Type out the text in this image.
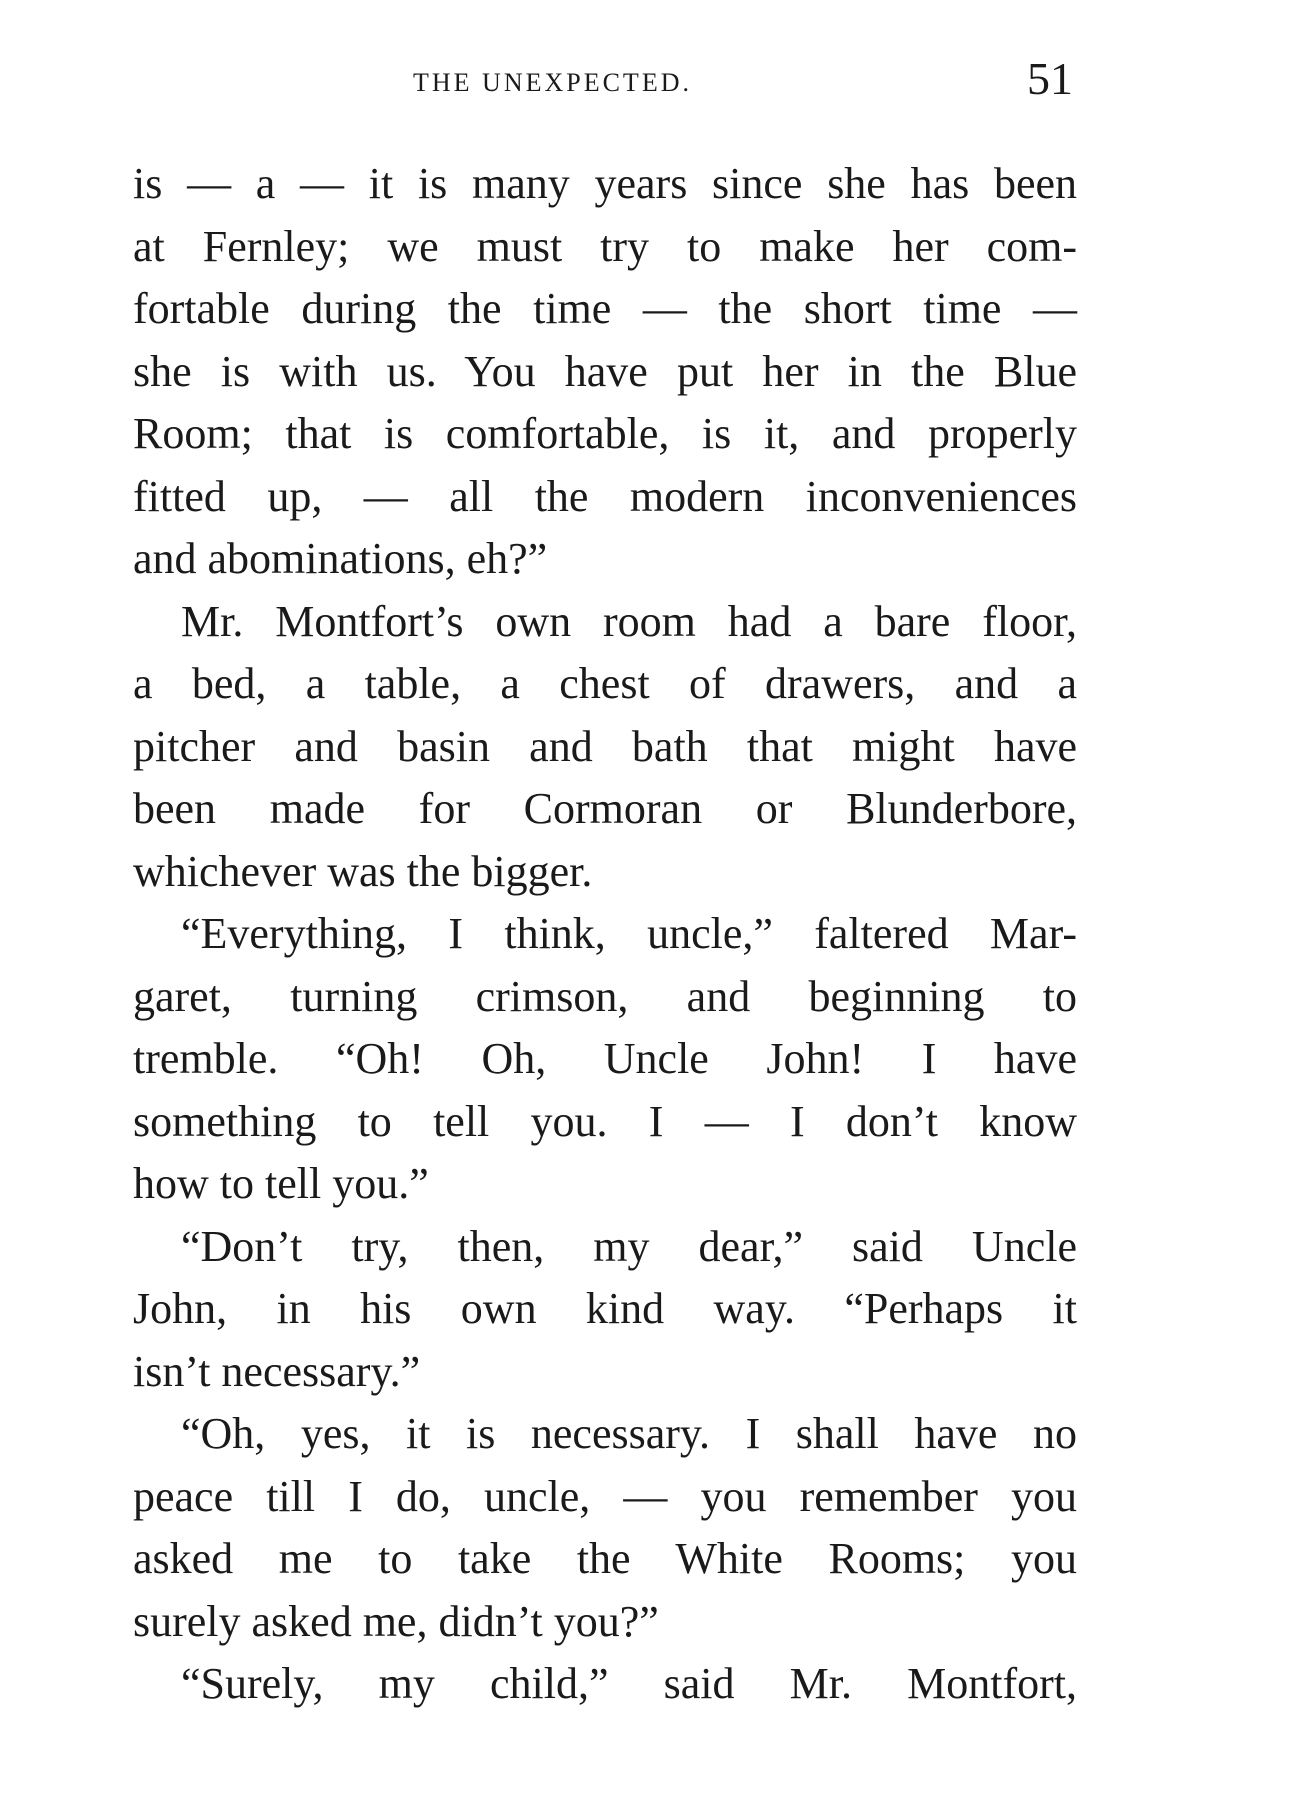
THE UNEXPECTED.	51
is — a — it is many years since she has been
at Fernley; we must try to make her com-
fortable during the time — the short time —
she is with us. You have put her in the Blue
Room; that is comfortable, is it, and properly
fitted up, — all the modern inconveniences
and abominations, eh?”
Mr. Montfort’s own room had a bare floor,
a bed, a table, a chest of drawers, and a
pitcher and basin and bath that might have
been made for Cormoran or Blunderbore,
whichever was the bigger.
“Everything, I think, uncle,” faltered Mar-
garet, turning crimson, and beginning to
tremble. “Oh! Oh, Uncle John! I have
something to tell you. I — I don’t know
how to tell you.”
“Don’t try, then, my dear,” said Uncle
John, in his own kind way. “Perhaps it
isn’t necessary.”
“Oh, yes, it is necessary. I shall have no
peace till I do, uncle, — you remember you
asked me to take the White Rooms; you
surely asked me, didn’t you?”
“Surely, my child,” said Mr. Montfort,
